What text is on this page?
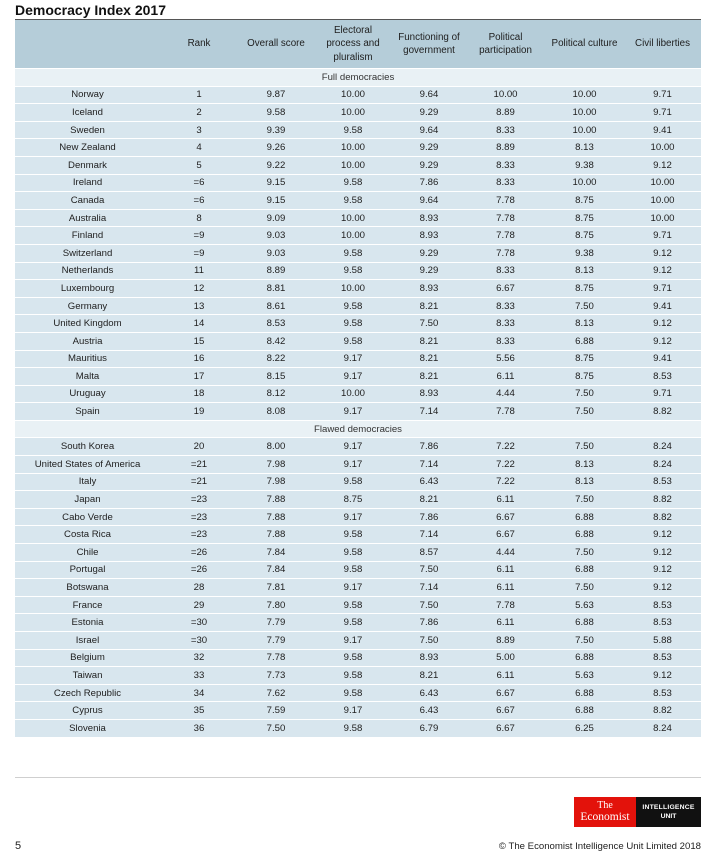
Democracy Index 2017
	Rank	Overall score	Electoral process and pluralism	Functioning of government	Political participation	Political culture	Civil liberties
Full democracies							
Norway	1	9.87	10.00	9.64	10.00	10.00	9.71
Iceland	2	9.58	10.00	9.29	8.89	10.00	9.71
Sweden	3	9.39	9.58	9.64	8.33	10.00	9.41
New Zealand	4	9.26	10.00	9.29	8.89	8.13	10.00
Denmark	5	9.22	10.00	9.29	8.33	9.38	9.12
Ireland	=6	9.15	9.58	7.86	8.33	10.00	10.00
Canada	=6	9.15	9.58	9.64	7.78	8.75	10.00
Australia	8	9.09	10.00	8.93	7.78	8.75	10.00
Finland	=9	9.03	10.00	8.93	7.78	8.75	9.71
Switzerland	=9	9.03	9.58	9.29	7.78	9.38	9.12
Netherlands	11	8.89	9.58	9.29	8.33	8.13	9.12
Luxembourg	12	8.81	10.00	8.93	6.67	8.75	9.71
Germany	13	8.61	9.58	8.21	8.33	7.50	9.41
United Kingdom	14	8.53	9.58	7.50	8.33	8.13	9.12
Austria	15	8.42	9.58	8.21	8.33	6.88	9.12
Mauritius	16	8.22	9.17	8.21	5.56	8.75	9.41
Malta	17	8.15	9.17	8.21	6.11	8.75	8.53
Uruguay	18	8.12	10.00	8.93	4.44	7.50	9.71
Spain	19	8.08	9.17	7.14	7.78	7.50	8.82
Flawed democracies							
South Korea	20	8.00	9.17	7.86	7.22	7.50	8.24
United States of America	=21	7.98	9.17	7.14	7.22	8.13	8.24
Italy	=21	7.98	9.58	6.43	7.22	8.13	8.53
Japan	=23	7.88	8.75	8.21	6.11	7.50	8.82
Cabo Verde	=23	7.88	9.17	7.86	6.67	6.88	8.82
Costa Rica	=23	7.88	9.58	7.14	6.67	6.88	9.12
Chile	=26	7.84	9.58	8.57	4.44	7.50	9.12
Portugal	=26	7.84	9.58	7.50	6.11	6.88	9.12
Botswana	28	7.81	9.17	7.14	6.11	7.50	9.12
France	29	7.80	9.58	7.50	7.78	5.63	8.53
Estonia	=30	7.79	9.58	7.86	6.11	6.88	8.53
Israel	=30	7.79	9.17	7.50	8.89	7.50	5.88
Belgium	32	7.78	9.58	8.93	5.00	6.88	8.53
Taiwan	33	7.73	9.58	8.21	6.11	5.63	9.12
Czech Republic	34	7.62	9.58	6.43	6.67	6.88	8.53
Cyprus	35	7.59	9.17	6.43	6.67	6.88	8.82
Slovenia	36	7.50	9.58	6.79	6.67	6.25	8.24
The
Economist
INTELLIGENCE
UNIT
5	© The Economist Intelligence Unit Limited 2018
